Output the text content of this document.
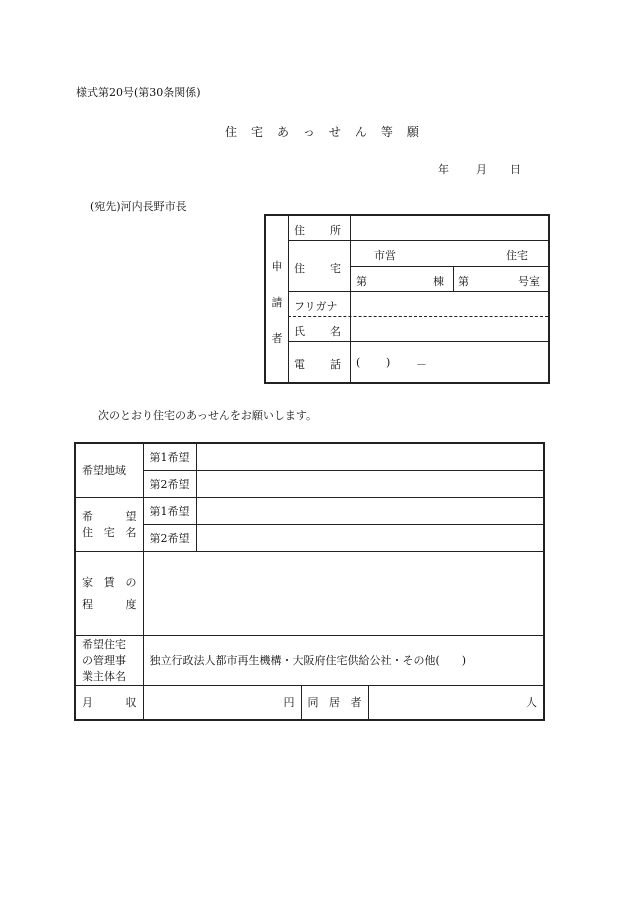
様式第20号(第30条関係)
住宅あっせん等願
年 月 日
(宛先)河内長野市長
申
請
者
住 所
住 宅
市営	住宅
第	棟 第	号室
フリガナ
氏 名
電 話 ( ) －
次のとおり住宅のあっせんをお願いします。
希望地域	第1希望			
	第2希望			

希 望
住 宅 名	第1希望			
	第2希望			

家 賃 の
程 度				

希望住宅
の管理事
業主体名	独立行政法人都市再生機構・大阪府住宅供給公社・その他(　　)			

月 収	円		同 居 者	人
